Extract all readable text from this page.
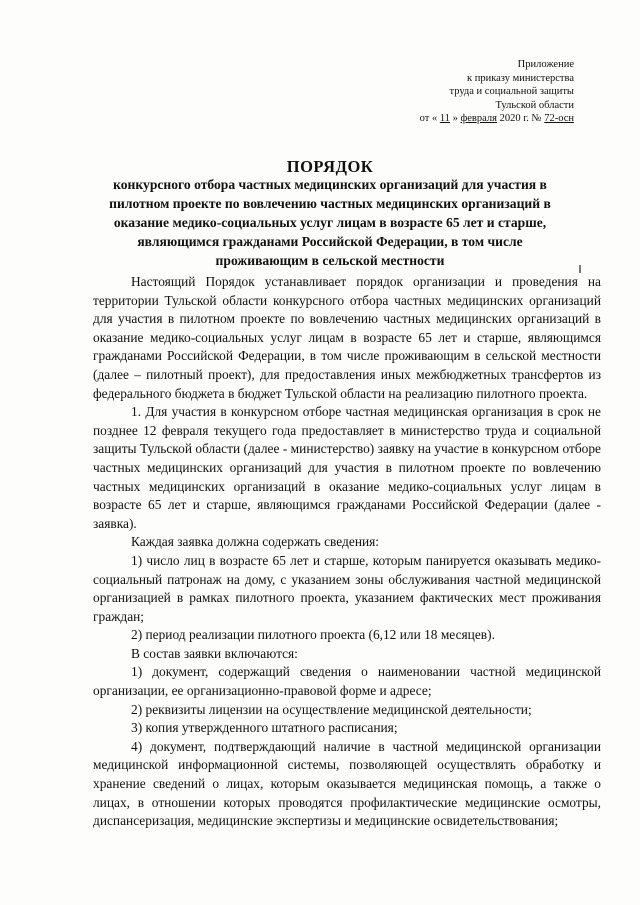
Приложение
к приказу министерства
труда и социальной защиты
Тульской области
от « 11 » февраля 2020 г. № 72-осн
ПОРЯДОК
конкурсного отбора частных медицинских организаций для участия в
пилотном проекте по вовлечению частных медицинских организаций в
оказание медико-социальных услуг лицам в возрасте 65 лет и старше,
являющимся гражданами Российской Федерации, в том числе
проживающим в сельской местности

Настоящий Порядок устанавливает порядок организации и проведения на территории Тульской области конкурсного отбора частных медицинских организаций для участия в пилотном проекте по вовлечению частных медицинских организаций в оказание медико-социальных услуг лицам в возрасте 65 лет и старше, являющимся гражданами Российской Федерации, в том числе проживающим в сельской местности (далее – пилотный проект), для предоставления иных межбюджетных трансфертов из федерального бюджета в бюджет Тульской области на реализацию пилотного проекта.

1. Для участия в конкурсном отборе частная медицинская организация в срок не позднее 12 февраля текущего года предоставляет в министерство труда и социальной защиты Тульской области (далее - министерство) заявку на участие в конкурсном отборе частных медицинских организаций для участия в пилотном проекте по вовлечению частных медицинских организаций в оказание медико-социальных услуг лицам в возрасте 65 лет и старше, являющимся гражданами Российской Федерации (далее - заявка).

Каждая заявка должна содержать сведения:

1) число лиц в возрасте 65 лет и старше, которым панируется оказывать медико-социальный патронаж на дому, с указанием зоны обслуживания частной медицинской организацией в рамках пилотного проекта, указанием фактических мест проживания граждан;

2) период реализации пилотного проекта (6,12 или 18 месяцев).

В состав заявки включаются:

1) документ, содержащий сведения о наименовании частной медицинской организации, ее организационно-правовой форме и адресе;

2) реквизиты лицензии на осуществление медицинской деятельности;

3) копия утвержденного штатного расписания;

4) документ, подтверждающий наличие в частной медицинской организации медицинской информационной системы, позволяющей осуществлять обработку и хранение сведений о лицах, которым оказывается медицинская помощь, а также о лицах, в отношении которых проводятся профилактические медицинские осмотры, диспансеризация, медицинские экспертизы и медицинские освидетельствования;
